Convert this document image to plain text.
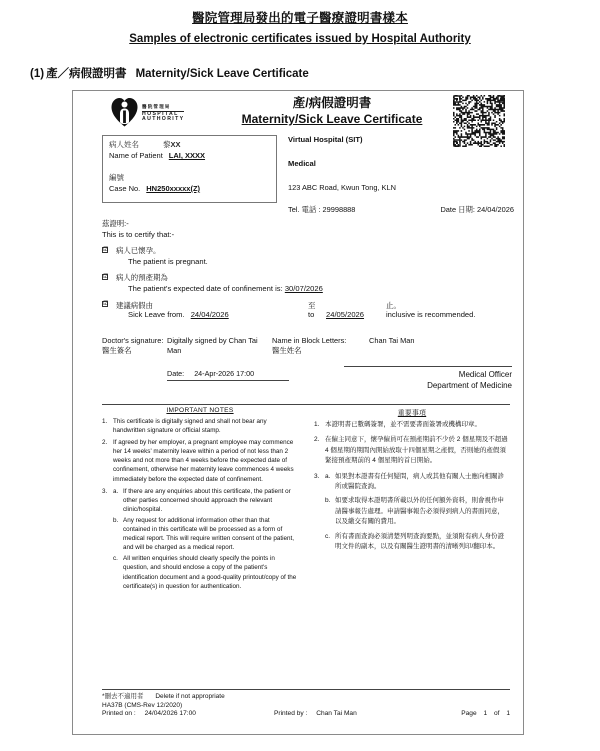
醫院管理局發出的電子醫療證明書樣本
Samples of electronic certificates issued by Hospital Authority
(1) 產／病假證明書 Maternity/Sick Leave Certificate
醫院管理局
HOSPITAL
AUTHORITY
產/病假證明書
Maternity/Sick Leave Certificate
病人姓名	黎XX
Name of Patient LAI, XXXX
編號
Case No. HN250xxxxx(Z)
Virtual Hospital (SIT)
Medical
123 ABC Road, Kwun Tong, KLN
Tel. 電話 : 29998888	Date 日期: 24/04/2026
茲證明:-
This is to certify that:-
☑ 病人已懷孕。
The patient is pregnant.
☑ 病人的預產期為
The patient's expected date of confinement is: 30/07/2026
☑ 建議病假由	至	止。
Sick Leave from. 24/04/2026	to 24/05/2026	inclusive is recommended.
Doctor's signature:
醫生簽名
Digitally signed by Chan Tai Man
Name in Block Letters:
醫生姓名
Chan Tai Man
Date: 24-Apr-2026 17:00	Medical Officer
Department of Medicine
IMPORTANT NOTES
1. This certificate is digitally signed and shall not bear any handwritten signature or official stamp.
2. If agreed by her employer, a pregnant employee may commence her 14 weeks' maternity leave within a period of not less than 2 weeks and not more than 4 weeks before the expected date of confinement, otherwise her maternity leave commences 4 weeks immediately before the expected date of confinement.
3. a. If there are any enquiries about this certificate, the patient or other parties concerned should approach the relevant clinic/hospital.
b. Any request for additional information other than that contained in this certificate will be processed as a form of medical report. This will require written consent of the patient, and will be charged as a medical report.
c. All written enquiries should clearly specify the points in question, and should enclose a copy of the patient's identification document and a good-quality printout/copy of the certificate(s) in question for authentication.
重要事項
1. 本證明書已數碼簽署，並不需要書面簽署或機構印章。
2. 在僱主同意下，懷孕僱員可在預產期前不少於 2 個星期及不超過 4 個星期的期間內開始放取十四個星期之產假，否則她的產假須緊接預產期前的 4 個星期的首日開始。
3. a. 如果對本證書有任何疑問，病人或其他有關人士應向相關診所或醫院查詢。
b. 如要求取得本證明書所載以外的任何額外資料，則會視作申請醫事報告處理。申請醫事報告必須得到病人的書面同意，以及繳交有關的費用。
c. 所有書面查詢必須清楚列明查詢要點，並須附有病人身份證明文件的副本，以及有關醫生證明書的清晰列印/翻印本。
*刪去不適用者 Delete if not appropriate
HA37B (CMS-Rev 12/2020)
Printed on : 24/04/2026 17:00	Printed by : Chan Tai Man	Page 1 of 1
